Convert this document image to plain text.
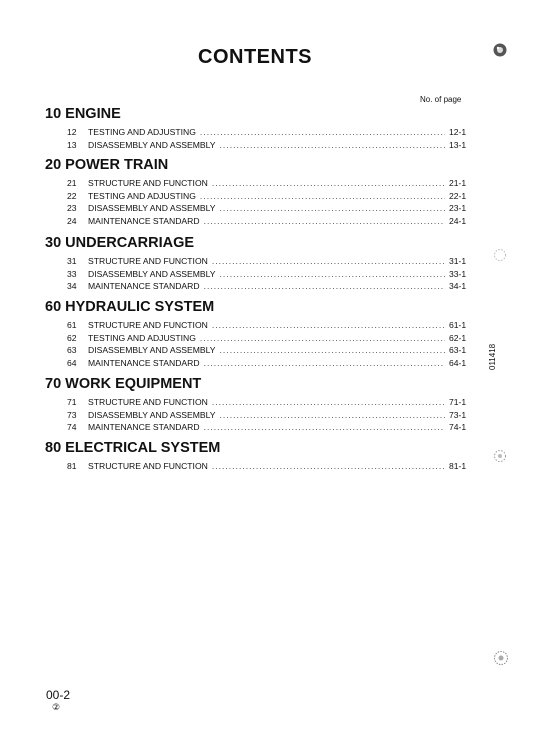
CONTENTS
No. of page
10 ENGINE
12	TESTING AND ADJUSTING .....	12-1
13	DISASSEMBLY AND ASSEMBLY .....	13-1
20 POWER TRAIN
21	STRUCTURE AND FUNCTION .....	21-1
22	TESTING AND ADJUSTING .....	22-1
23	DISASSEMBLY AND ASSEMBLY .....	23-1
24	MAINTENANCE STANDARD .....	24-1
30 UNDERCARRIAGE
31	STRUCTURE AND FUNCTION .....	31-1
33	DISASSEMBLY AND ASSEMBLY .....	33-1
34	MAINTENANCE STANDARD .....	34-1
60 HYDRAULIC SYSTEM
61	STRUCTURE AND FUNCTION .....	61-1
62	TESTING AND ADJUSTING .....	62-1
63	DISASSEMBLY AND ASSEMBLY .....	63-1
64	MAINTENANCE STANDARD .....	64-1
70 WORK EQUIPMENT
71	STRUCTURE AND FUNCTION .....	71-1
73	DISASSEMBLY AND ASSEMBLY .....	73-1
74	MAINTENANCE STANDARD .....	74-1
80 ELECTRICAL SYSTEM
81	STRUCTURE AND FUNCTION .....	81-1
011418
00-2
②
